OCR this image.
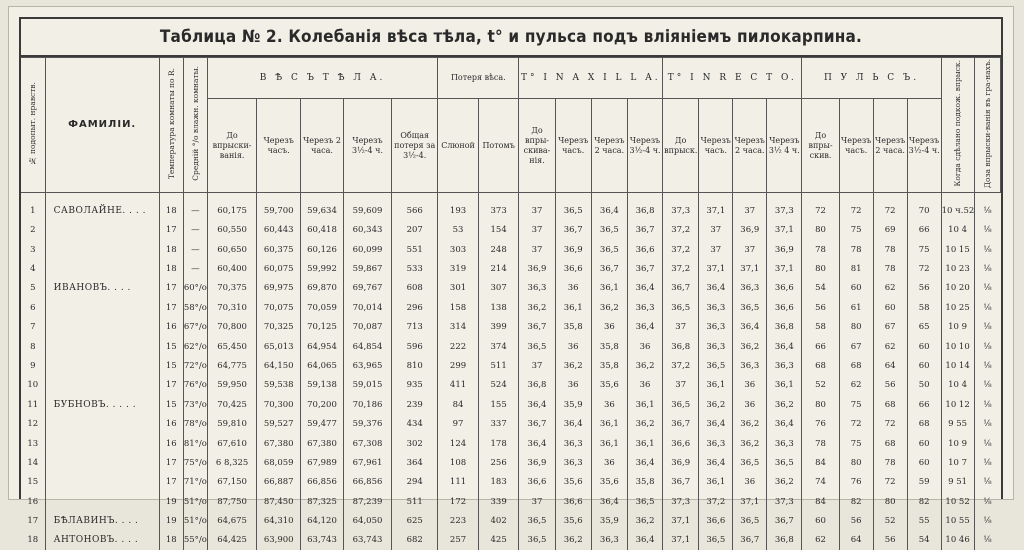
Таблица № 2. Колебанія вѣса тѣла, t° и пульса подъ вліяніемъ пилокарпина.
№ подопыт. нравств.	ФАМИЛІИ.	Температура комнаты по R.	Средній °/о влажн. комнаты.	В Ѣ С Ъ Т Ѣ Л А.					Потеря вѣса.		T° I N A X I L L A.				T° I N R E C T O.				П У Л Ь С Ъ.				Когда сдѣлано подкож. впрыск.	Доза впрыски-ванія въ гра-нахъ.
				До впрыски-ванія.	Черезъ часъ.	Черезъ 2 часа.	Черезъ 3½-4 ч.	Общая потеря за 3½-4.	Слюной	Потомъ	До впры-скива-нія.	Черезъ часъ.	Черезъ 2 часа.	Черезъ 3½-4 ч.	До впрыск.	Черезъ часъ.	Черезъ 2 часа.	Черезъ 3½ 4 ч.	До впры-скив.	Черезъ часъ.	Черезъ 2 часа.	Черезъ 3½-4 ч.		

1	САВОЛАЙНЕ. . . .	18	—	60,175	59,700	59,634	59,609	566	193	373	37	36,5	36,4	36,8	37,3	37,1	37	37,3	72	72	72	70	10 ч.52	⅛
2		17	—	60,550	60,443	60,418	60,343	207	53	154	37	36,7	36,5	36,7	37,2	37	36,9	37,1	80	75	69	66	10 4	⅛
3		18	—	60,650	60,375	60,126	60,099	551	303	248	37	36,9	36,5	36,6	37,2	37	37	36,9	78	78	78	75	10 15	⅛
4		18	—	60,400	60,075	59,992	59,867	533	319	214	36,9	36,6	36,7	36,7	37,2	37,1	37,1	37,1	80	81	78	72	10 23	⅛
5	ИВАНОВЪ. . . .	17	60°/о	70,375	69,975	69,870	69,767	608	301	307	36,3	36	36,1	36,4	36,7	36,4	36,3	36,6	54	60	62	56	10 20	⅛
6		17	58°/о	70,310	70,075	70,059	70,014	296	158	138	36,2	36,1	36,2	36,3	36,5	36,3	36,5	36,6	56	61	60	58	10 25	⅛
7		16	67°/о	70,800	70,325	70,125	70,087	713	314	399	36,7	35,8	36	36,4	37	36,3	36,4	36,8	58	80	67	65	10 9	⅛
8		15	62°/о	65,450	65,013	64,954	64,854	596	222	374	36,5	36	35,8	36	36,8	36,3	36,2	36,4	66	67	62	60	10 10	⅛
9		15	72°/о	64,775	64,150	64,065	63,965	810	299	511	37	36,2	35,8	36,2	37,2	36,5	36,3	36,3	68	68	64	60	10 14	⅛
10		17	76°/о	59,950	59,538	59,138	59,015	935	411	524	36,8	36	35,6	36	37	36,1	36	36,1	52	62	56	50	10 4	⅛
11	БУБНОВЪ. . . . .	15	73°/о	70,425	70,300	70,200	70,186	239	84	155	36,4	35,9	36	36,1	36,5	36,2	36	36,2	80	75	68	66	10 12	⅛
12		16	78°/о	59,810	59,527	59,477	59,376	434	97	337	36,7	36,4	36,1	36,2	36,7	36,4	36,2	36,4	76	72	72	68	9 55	⅛
13		16	81°/о	67,610	67,380	67,380	67,308	302	124	178	36,4	36,3	36,1	36,1	36,6	36,3	36,2	36,3	78	75	68	60	10 9	⅛
14		17	75°/о	6 8,325	68,059	67,989	67,961	364	108	256	36,9	36,3	36	36,4	36,9	36,4	36,5	36,5	84	80	78	60	10 7	⅛
15		17	71°/о	67,150	66,887	66,856	66,856	294	111	183	36,6	35,6	35,6	35,8	36,7	36,1	36	36,2	74	76	72	59	9 51	⅛
16		19	51°/о	87,750	87,450	87,325	87,239	511	172	339	37	36,6	36,4	36,5	37,3	37,2	37,1	37,3	84	82	80	82	10 52	⅛
17	БѢЛАВИНЪ. . . .	19	51°/о	64,675	64,310	64,120	64,050	625	223	402	36,5	35,6	35,9	36,2	37,1	36,6	36,5	36,7	60	56	52	55	10 55	⅛
18	АНТОНОВЪ. . . .	18	55°/о	64,425	63,900	63,743	63,743	682	257	425	36,5	36,2	36,3	36,4	37,1	36,5	36,7	36,8	62	64	56	54	10 46	⅛
